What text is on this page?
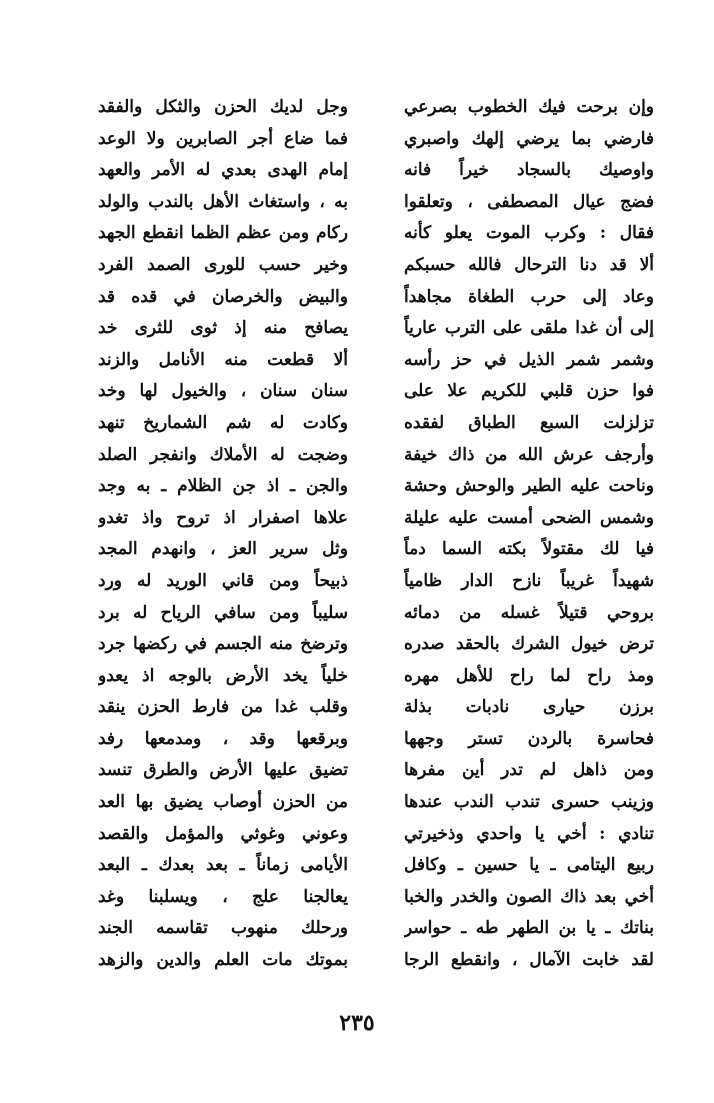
وإن برحت فيك الخطوب بصرعي
فارضي بما يرضي إلهك واصبري
واوصيك بالسجاد خيراً فانه
فضج عيال المصطفى ، وتعلقوا
فقال : وكرب الموت يعلو كأنه
ألا قد دنا الترحال فالله حسبكم
وعاد إلى حرب الطغاة مجاهداً
إلى أن غدا ملقى على الترب عارياً
وشمر شمر الذيل في حز رأسه
فوا حزن قلبي للكريم علا على
تزلزلت السبع الطباق لفقده
وأرجف عرش الله من ذاك خيفة
وناحت عليه الطير والوحش وحشة
وشمس الضحى أمست عليه عليلة
فيا لك مقتولاً بكته السما دماً
شهيداً غريباً نازح الدار ظامياً
بروحي قتيلاً غسله من دمائه
ترض خيول الشرك بالحقد صدره
ومذ راح لما راح للأهل مهره
برزن حيارى نادبات بذلة
فحاسرة بالردن تستر وجهها
ومن ذاهل لم تدر أين مفرها
وزينب حسرى تندب الندب عندها
تنادي : أخي يا واحدي وذخيرتي
ربيع اليتامى ـ يا حسين ـ وكافل
أخي بعد ذاك الصون والخدر والخبا
بناتك ـ يا بن الطهر طه ـ حواسر
لقد خابت الآمال ، وانقطع الرجا
وجل لديك الحزن والثكل والفقد
فما ضاع أجر الصابرين ولا الوعد
إمام الهدى بعدي له الأمر والعهد
به ، واستغاث الأهل بالندب والولد
ركام ومن عظم الظما انقطع الجهد
وخير حسب للورى الصمد الفرد
والبيض والخرصان في قده قد
يصافح منه إذ ثوى للثرى خد
ألا قطعت منه الأنامل والزند
سنان سنان ، والخيول لها وخد
وكادت له شم الشماريخ تنهد
وضجت له الأملاك وانفجر الصلد
والجن ـ اذ جن الظلام ـ به وجد
علاها اصفرار اذ تروح واذ تغدو
وثل سرير العز ، وانهدم المجد
ذبيحاً ومن قاني الوريد له ورد
سليباً ومن سافي الرياح له برد
وترضخ منه الجسم في ركضها جرد
خلياً يخد الأرض بالوجه اذ يعدو
وقلب غدا من فارط الحزن ينقد
وبرقعها وقد ، ومدمعها رفد
تضيق عليها الأرض والطرق تنسد
من الحزن أوصاب يضيق بها العد
وعوني وغوثي والمؤمل والقصد
الأيامى زماناً ـ بعد بعدك ـ البعد
يعالجنا علج ، ويسلبنا وغد
ورحلك منهوب تقاسمه الجند
بموتك مات العلم والدين والزهد
٢٣٥
